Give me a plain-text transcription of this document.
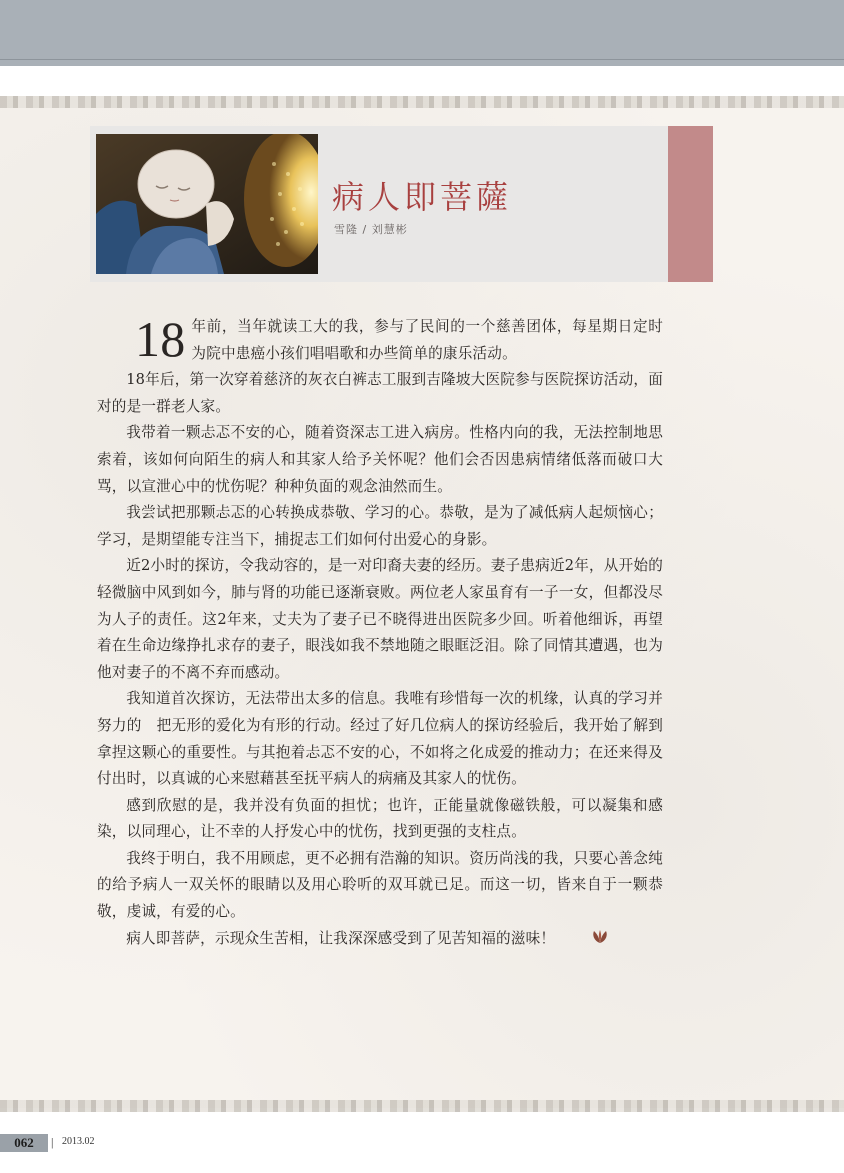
病人即菩薩
雪隆 / 刘慧彬

18 年前，当年就读工大的我，参与了民间的一个慈善团体，每星期日定时为院中患癌小孩们唱唱歌和办些简单的康乐活动。

18年后，第一次穿着慈济的灰衣白裤志工服到吉隆坡大医院参与医院探访活动，面对的是一群老人家。

我带着一颗忐忑不安的心，随着资深志工进入病房。性格内向的我，无法控制地思索着，该如何向陌生的病人和其家人给予关怀呢？他们会否因患病情绪低落而破口大骂，以宣泄心中的忧伤呢？种种负面的观念油然而生。

我尝试把那颗忐忑的心转换成恭敬、学习的心。恭敬，是为了减低病人起烦恼心；学习，是期望能专注当下，捕捉志工们如何付出爱心的身影。

近2小时的探访，令我动容的，是一对印裔夫妻的经历。妻子患病近2年，从开始的轻微脑中风到如今，肺与肾的功能已逐渐衰败。两位老人家虽育有一子一女，但都没尽为人子的责任。这2年来，丈夫为了妻子已不晓得进出医院多少回。听着他细诉，再望着在生命边缘挣扎求存的妻子，眼浅如我不禁地随之眼眶泛泪。除了同情其遭遇，也为他对妻子的不离不弃而感动。

我知道首次探访，无法带出太多的信息。我唯有珍惜每一次的机缘，认真的学习并努力的　把无形的爱化为有形的行动。经过了好几位病人的探访经验后，我开始了解到拿捏这颗心的重要性。与其抱着忐忑不安的心，不如将之化成爱的推动力；在还来得及付出时，以真诚的心来慰藉甚至抚平病人的病痛及其家人的忧伤。

感到欣慰的是，我并没有负面的担忧；也许，正能量就像磁铁般，可以凝集和感染，以同理心，让不幸的人抒发心中的忧伤，找到更强的支柱点。

我终于明白，我不用顾虑，更不必拥有浩瀚的知识。资历尚浅的我，只要心善念纯的给予病人一双关怀的眼睛以及用心聆听的双耳就已足。而这一切，皆来自于一颗恭敬，虔诚，有爱的心。

病人即菩萨，示现众生苦相，让我深深感受到了见苦知福的滋味！

062	| 2013.02
